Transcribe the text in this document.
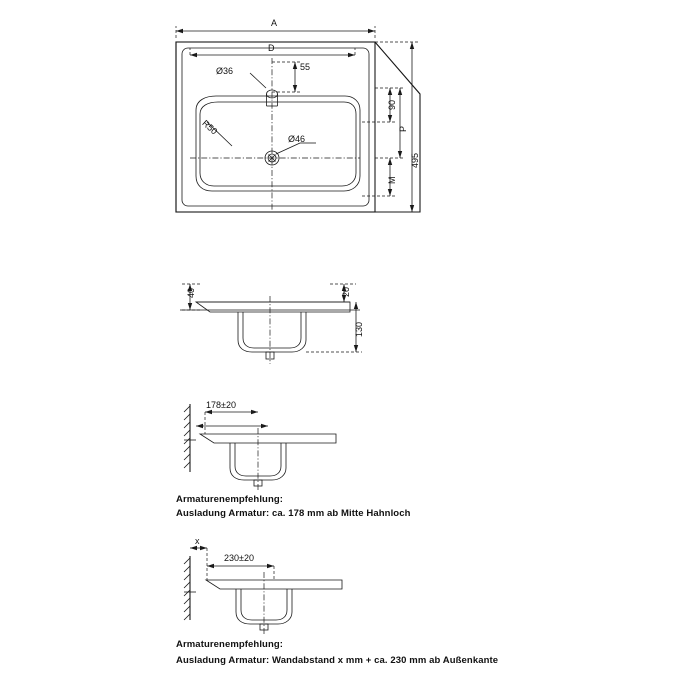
A
D
Ø36	55
R50
Ø46
90
P
M
495
40	20
130
178±20
Armaturenempfehlung:
Ausladung Armatur: ca. 178 mm ab Mitte Hahnloch
x
230±20
Armaturenempfehlung:
Ausladung Armatur: Wandabstand x mm + ca. 230 mm ab Außenkante
